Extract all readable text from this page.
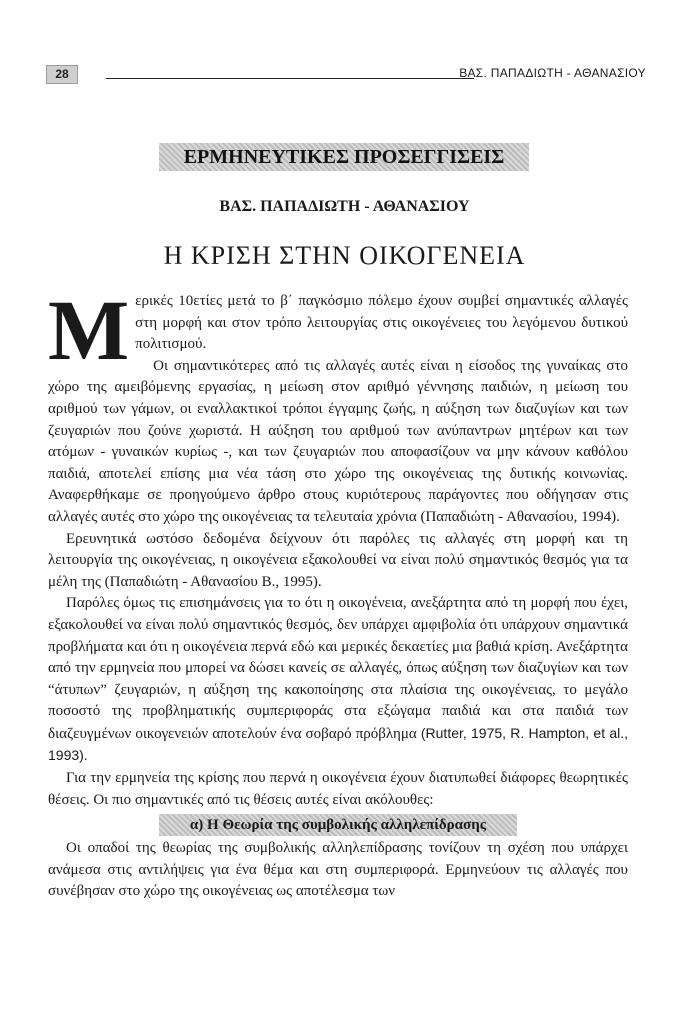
28	ΒΑΣ. ΠΑΠΑΔΙΩΤΗ - ΑΘΑΝΑΣΙΟΥ
ΕΡΜΗΝΕΥΤΙΚΕΣ ΠΡΟΣΕΓΓΙΣΕΙΣ
ΒΑΣ. ΠΑΠΑΔΙΩΤΗ - ΑΘΑΝΑΣΙΟΥ
Η ΚΡΙΣΗ ΣΤΗΝ ΟΙΚΟΓΕΝΕΙΑ

Μερικές 10ετίες μετά το β΄ παγκόσμιο πόλεμο έχουν συμβεί σημαντικές αλλαγές στη μορφή και στον τρόπο λειτουργίας στις οικογένειες του λεγόμενου δυτικού πολιτισμού.

Οι σημαντικότερες από τις αλλαγές αυτές είναι η είσοδος της γυναίκας στο χώρο της αμειβόμενης εργασίας, η μείωση στον αριθμό γέννησης παιδιών, η μείωση του αριθμού των γάμων, οι εναλλακτικοί τρόποι έγγαμης ζωής, η αύξηση των διαζυγίων και των ζευγαριών που ζούνε χωριστά. Η αύξηση του αριθμού των ανύπαντρων μητέρων και των ατόμων - γυναικών κυρίως -, και των ζευγαριών που αποφασίζουν να μην κάνουν καθόλου παιδιά, αποτελεί επίσης μια νέα τάση στο χώρο της οικογένειας της δυτικής κοινωνίας. Αναφερθήκαμε σε προηγούμενο άρθρο στους κυριότερους παράγοντες που οδήγησαν στις αλλαγές αυτές στο χώρο της οικογένειας τα τελευταία χρόνια (Παπαδιώτη - Αθανασίου, 1994).

Ερευνητικά ωστόσο δεδομένα δείχνουν ότι παρόλες τις αλλαγές στη μορφή και τη λειτουργία της οικογένειας, η οικογένεια εξακολουθεί να είναι πολύ σημαντικός θεσμός για τα μέλη της (Παπαδιώτη - Αθανασίου Β., 1995).

Παρόλες όμως τις επισημάνσεις για το ότι η οικογένεια, ανεξάρτητα από τη μορφή που έχει, εξακολουθεί να είναι πολύ σημαντικός θεσμός, δεν υπάρχει αμφιβολία ότι υπάρχουν σημαντικά προβλήματα και ότι η οικογένεια περνά εδώ και μερικές δεκαετίες μια βαθιά κρίση. Ανεξάρτητα από την ερμηνεία που μπορεί να δώσει κανείς σε αλλαγές, όπως αύξηση των διαζυγίων και των “άτυπων” ζευγαριών, η αύξηση της κακοποίησης στα πλαίσια της οικογένειας, το μεγάλο ποσοστό της προβληματικής συμπεριφοράς στα εξώγαμα παιδιά και στα παιδιά των διαζευγμένων οικογενειών αποτελούν ένα σοβαρό πρόβλημα (Rutter, 1975, R. Hampton, et al., 1993).

Για την ερμηνεία της κρίσης που περνά η οικογένεια έχουν διατυπωθεί διάφορες θεωρητικές θέσεις. Οι πιο σημαντικές από τις θέσεις αυτές είναι ακόλουθες:

α) Η Θεωρία της συμβολικής αλληλεπίδρασης

Οι οπαδοί της θεωρίας της συμβολικής αλληλεπίδρασης τονίζουν τη σχέση που υπάρχει ανάμεσα στις αντιλήψεις για ένα θέμα και στη συμπεριφορά. Ερμηνεύουν τις αλλαγές που συνέβησαν στο χώρο της οικογένειας ως αποτέλεσμα των
